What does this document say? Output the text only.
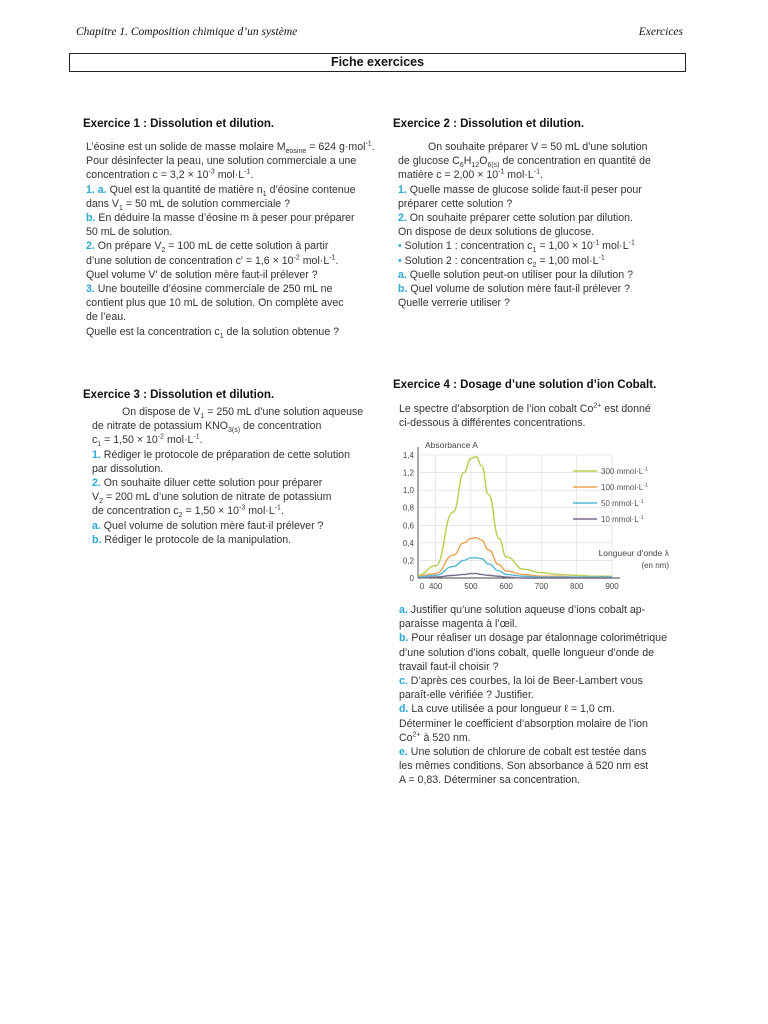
Chapitre 1. Composition chimique d’un système	Exercices
Fiche exercices
Exercice 1 : Dissolution et dilution.

L’éosine est un solide de masse molaire $M_{éosine} = 624$ g·mol$^{-1}$.

Pour désinfecter la peau, une solution commerciale a une

concentration $c = 3,2 \times 10^{-3}$ $mol\cdot L^{-1}$.

1. a. Quel est la quantité de matière $n_1$ d’éosine contenue

dans $V_1 = 50$ mL de solution commerciale ?

b. En déduire la masse d’éosine m à peser pour préparer

50 mL de solution.

2. On prépare $V_2 = 100$ mL de cette solution à partir

d’une solution de concentration $c' = 1,6 \times 10^{-2}$ $mol\cdot L^{-1}$.

Quel volume V′ de solution mère faut-il prélever ?

3. Une bouteille d’éosine commerciale de 250 mL ne

contient plus que 10 mL de solution. On complète avec

de l’eau.

Quelle est la concentration $c_1$ de la solution obtenue ?

Exercice 2 : Dissolution et dilution.

On souhaite préparer V = 50 mL d’une solution

de glucose $C_6H_{12}O_{6(s)}$ de concentration en quantité de

matière $c = 2,00 \times 10^{-1}$ $mol\cdot L^{-1}$.

1. Quelle masse de glucose solide faut-il peser pour

préparer cette solution ?

2. On souhaite préparer cette solution par dilution.

On dispose de deux solutions de glucose.

• Solution 1 : concentration $c_1 = 1,00 \times 10^{-1}$ $mol\cdot L^{-1}$

• Solution 2 : concentration $c_2 = 1,00$ $mol\cdot L^{-1}$

a. Quelle solution peut-on utiliser pour la dilution ?

b. Quel volume de solution mère faut-il prélever ?

Quelle verrerie utiliser ?

Exercice 3 : Dissolution et dilution.

On dispose de $V_1 = 250$ mL d’une solution aqueuse

de nitrate de potassium $KNO_{3(s)}$ de concentration

$c_1 = 1,50 \times 10^{-2}$ $mol\cdot L^{-1}$.

1. Rédiger le protocole de préparation de cette solution

par dissolution.

2. On souhaite diluer cette solution pour préparer

$V_2 = 200$ mL d’une solution de nitrate de potassium

de concentration $c_2 = 1,50 \times 10^{-3}$ $mol\cdot L^{-1}$.

a. Quel volume de solution mère faut-il prélever ?

b. Rédiger le protocole de la manipulation.

Exercice 4 : Dosage d’une solution d’ion Cobalt.

Le spectre d’absorption de l’ion cobalt $Co^{2+}$ est donné

ci-dessous à différentes concentrations.

0
0,2
0,4
0,6
0,8
1,0
1,2
1,4
0 400	500	600	700	800	900
300 $mmol\cdot L^{-1}$
100 $mmol\cdot L^{-1}$
50 $mmol\cdot L^{-1}$
10 $mmol\cdot L^{-1}$
Absorbance A
Longueur d’onde λ
(en nm)

a. Justifier qu’une solution aqueuse d’ions cobalt ap-

paraisse magenta à l’œil.

b. Pour réaliser un dosage par étalonnage colorimétrique

d’une solution d’ions cobalt, quelle longueur d’onde de

travail faut-il choisir ?

c. D’après ces courbes, la loi de Beer-Lambert vous

paraît-elle vérifiée ? Justifier.

d. La cuve utilisée a pour longueur ℓ = 1,0 cm.

Déterminer le coefficient d’absorption molaire de l’ion

$Co^{2+}$ à 520 nm.

e. Une solution de chlorure de cobalt est testée dans

les mêmes conditions. Son absorbance à 520 nm est

A = 0,83. Déterminer sa concentration.
